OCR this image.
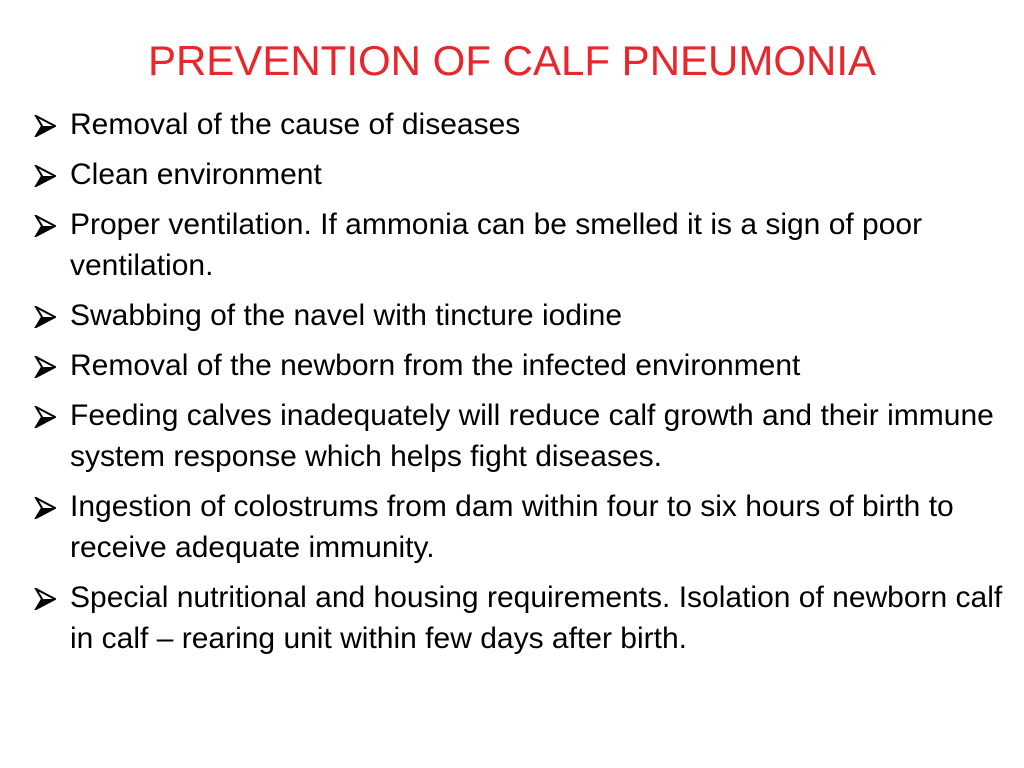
PREVENTION OF CALF PNEUMONIA
Removal of the cause of diseases
Clean environment
Proper ventilation. If ammonia can be smelled it is a sign of poor ventilation.
Swabbing of the navel with tincture iodine
Removal of the newborn from the infected environment
Feeding calves inadequately will reduce calf growth and their immune system response which helps fight diseases.
Ingestion of colostrums from dam within four to six hours of birth to receive adequate immunity.
Special nutritional and housing requirements. Isolation of newborn calf in calf – rearing unit within few days after birth.
